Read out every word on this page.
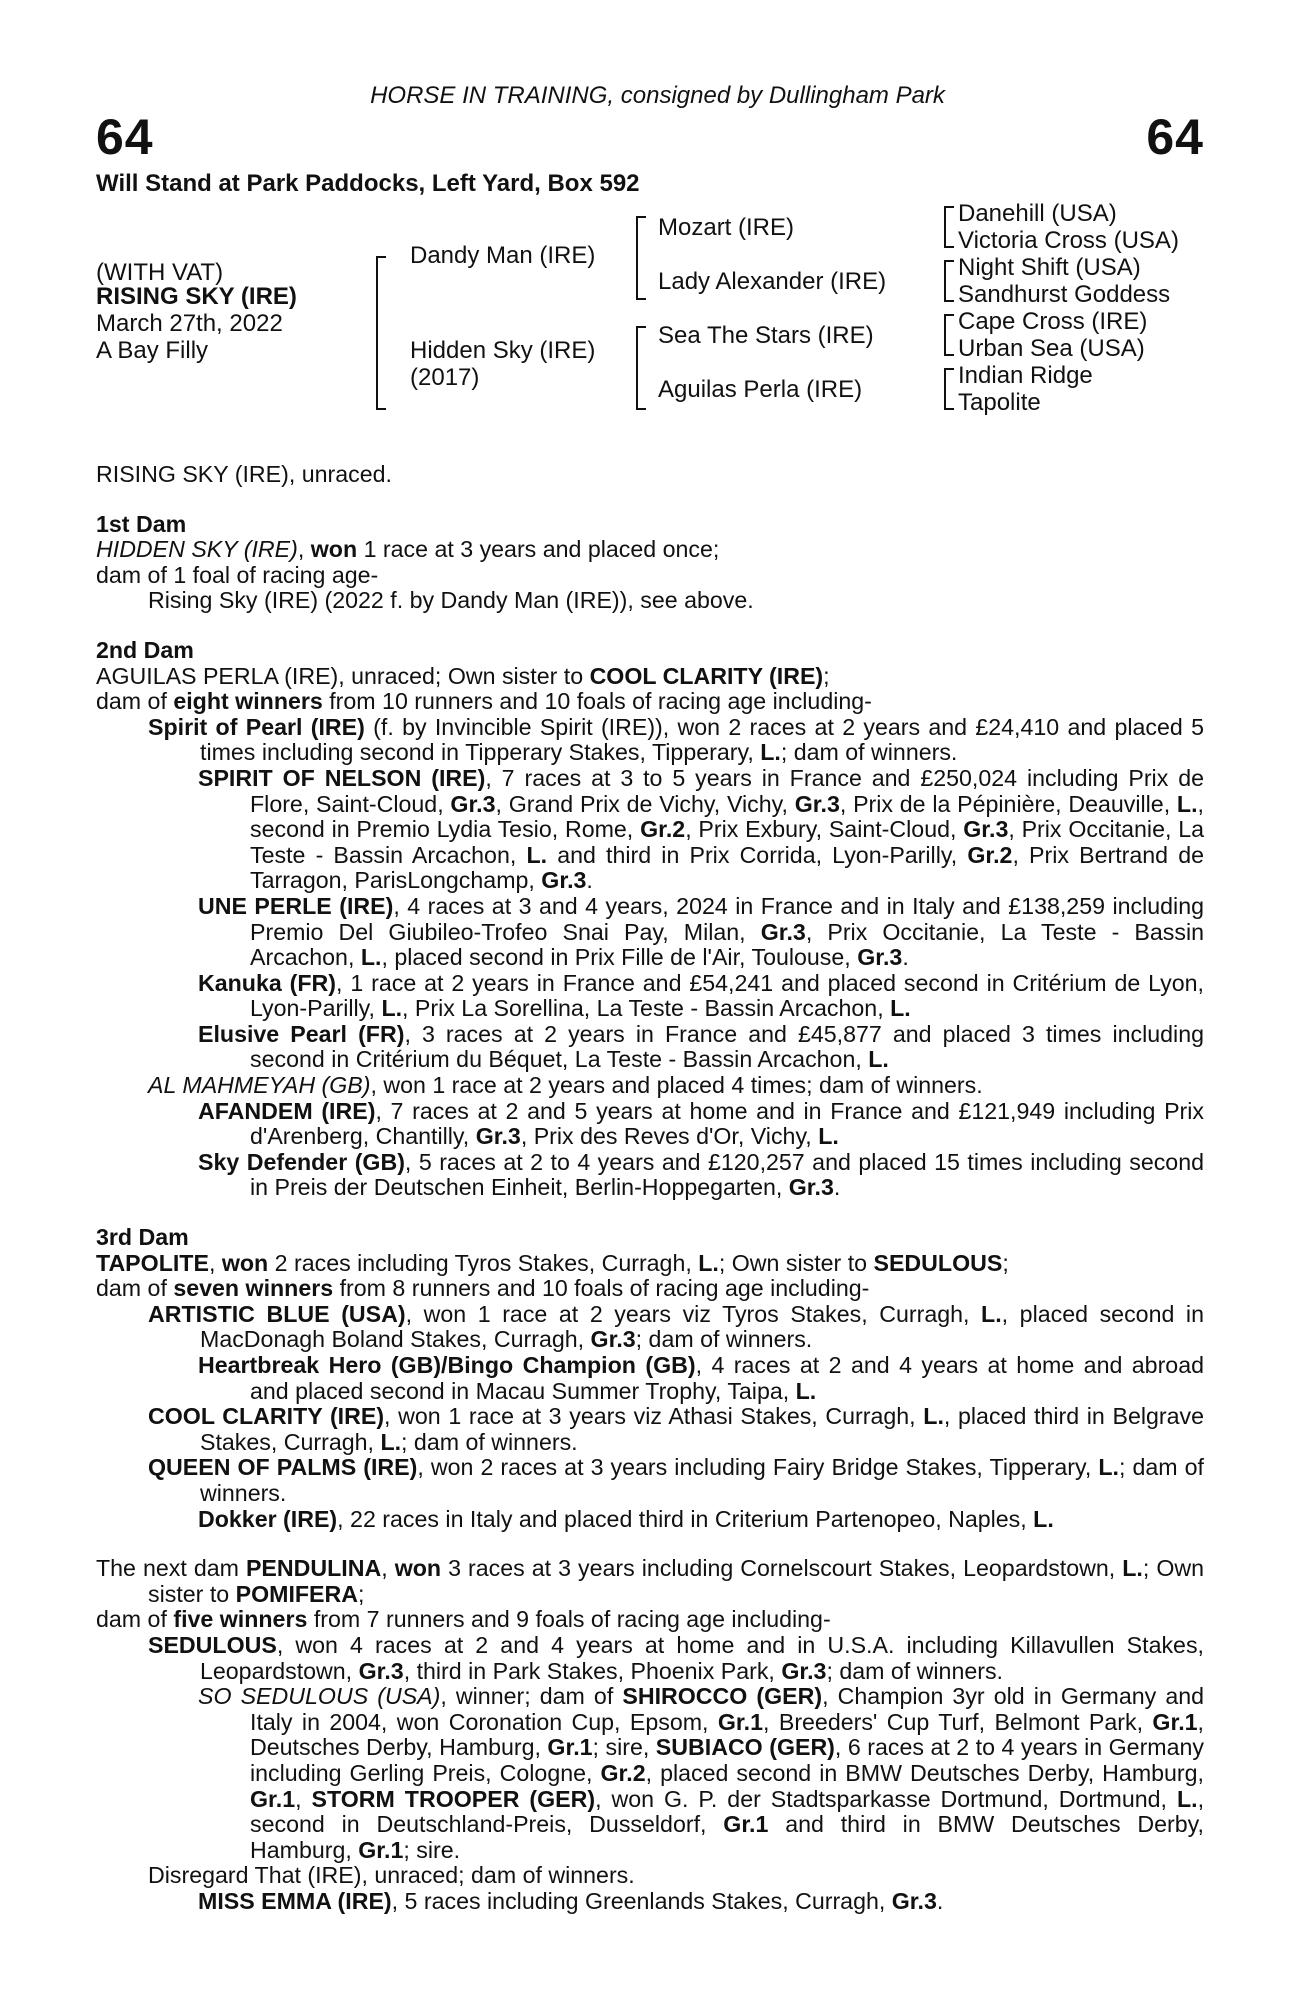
HORSE IN TRAINING, consigned by Dullingham Park
64	64
Will Stand at Park Paddocks, Left Yard, Box 592
(WITH VAT)
RISING SKY (IRE)
March 27th, 2022
A Bay Filly
Dandy Man (IRE)
Hidden Sky (IRE)
(2017)
Mozart (IRE)
Lady Alexander (IRE)
Sea The Stars (IRE)
Aguilas Perla (IRE)
Danehill (USA)
Victoria Cross (USA)
Night Shift (USA)
Sandhurst Goddess
Cape Cross (IRE)
Urban Sea (USA)
Indian Ridge
Tapolite

RISING SKY (IRE), unraced.

1st Dam

HIDDEN SKY (IRE), won 1 race at 3 years and placed once;

dam of 1 foal of racing age-

Rising Sky (IRE) (2022 f. by Dandy Man (IRE)), see above.

2nd Dam

AGUILAS PERLA (IRE), unraced; Own sister to COOL CLARITY (IRE);

dam of eight winners from 10 runners and 10 foals of racing age including-

Spirit of Pearl (IRE) (f. by Invincible Spirit (IRE)), won 2 races at 2 years and £24,410 and placed 5 times including second in Tipperary Stakes, Tipperary, L.; dam of winners.

SPIRIT OF NELSON (IRE), 7 races at 3 to 5 years in France and £250,024 including Prix de Flore, Saint-Cloud, Gr.3, Grand Prix de Vichy, Vichy, Gr.3, Prix de la Pépinière, Deauville, L., second in Premio Lydia Tesio, Rome, Gr.2, Prix Exbury, Saint-Cloud, Gr.3, Prix Occitanie, La Teste - Bassin Arcachon, L. and third in Prix Corrida, Lyon-Parilly, Gr.2, Prix Bertrand de Tarragon, ParisLongchamp, Gr.3.

UNE PERLE (IRE), 4 races at 3 and 4 years, 2024 in France and in Italy and £138,259 including Premio Del Giubileo-Trofeo Snai Pay, Milan, Gr.3, Prix Occitanie, La Teste - Bassin Arcachon, L., placed second in Prix Fille de l'Air, Toulouse, Gr.3.

Kanuka (FR), 1 race at 2 years in France and £54,241 and placed second in Critérium de Lyon, Lyon-Parilly, L., Prix La Sorellina, La Teste - Bassin Arcachon, L.

Elusive Pearl (FR), 3 races at 2 years in France and £45,877 and placed 3 times including second in Critérium du Béquet, La Teste - Bassin Arcachon, L.

AL MAHMEYAH (GB), won 1 race at 2 years and placed 4 times; dam of winners.

AFANDEM (IRE), 7 races at 2 and 5 years at home and in France and £121,949 including Prix d'Arenberg, Chantilly, Gr.3, Prix des Reves d'Or, Vichy, L.

Sky Defender (GB), 5 races at 2 to 4 years and £120,257 and placed 15 times including second in Preis der Deutschen Einheit, Berlin-Hoppegarten, Gr.3.

3rd Dam

TAPOLITE, won 2 races including Tyros Stakes, Curragh, L.; Own sister to SEDULOUS;

dam of seven winners from 8 runners and 10 foals of racing age including-

ARTISTIC BLUE (USA), won 1 race at 2 years viz Tyros Stakes, Curragh, L., placed second in MacDonagh Boland Stakes, Curragh, Gr.3; dam of winners.

Heartbreak Hero (GB)/Bingo Champion (GB), 4 races at 2 and 4 years at home and abroad and placed second in Macau Summer Trophy, Taipa, L.

COOL CLARITY (IRE), won 1 race at 3 years viz Athasi Stakes, Curragh, L., placed third in Belgrave Stakes, Curragh, L.; dam of winners.

QUEEN OF PALMS (IRE), won 2 races at 3 years including Fairy Bridge Stakes, Tipperary, L.; dam of winners.

Dokker (IRE), 22 races in Italy and placed third in Criterium Partenopeo, Naples, L.

The next dam PENDULINA, won 3 races at 3 years including Cornelscourt Stakes, Leopardstown, L.; Own sister to POMIFERA;

dam of five winners from 7 runners and 9 foals of racing age including-

SEDULOUS, won 4 races at 2 and 4 years at home and in U.S.A. including Killavullen Stakes, Leopardstown, Gr.3, third in Park Stakes, Phoenix Park, Gr.3; dam of winners.

SO SEDULOUS (USA), winner; dam of SHIROCCO (GER), Champion 3yr old in Germany and Italy in 2004, won Coronation Cup, Epsom, Gr.1, Breeders' Cup Turf, Belmont Park, Gr.1, Deutsches Derby, Hamburg, Gr.1; sire, SUBIACO (GER), 6 races at 2 to 4 years in Germany including Gerling Preis, Cologne, Gr.2, placed second in BMW Deutsches Derby, Hamburg, Gr.1, STORM TROOPER (GER), won G. P. der Stadtsparkasse Dortmund, Dortmund, L., second in Deutschland-Preis, Dusseldorf, Gr.1 and third in BMW Deutsches Derby, Hamburg, Gr.1; sire.

Disregard That (IRE), unraced; dam of winners.

MISS EMMA (IRE), 5 races including Greenlands Stakes, Curragh, Gr.3.
